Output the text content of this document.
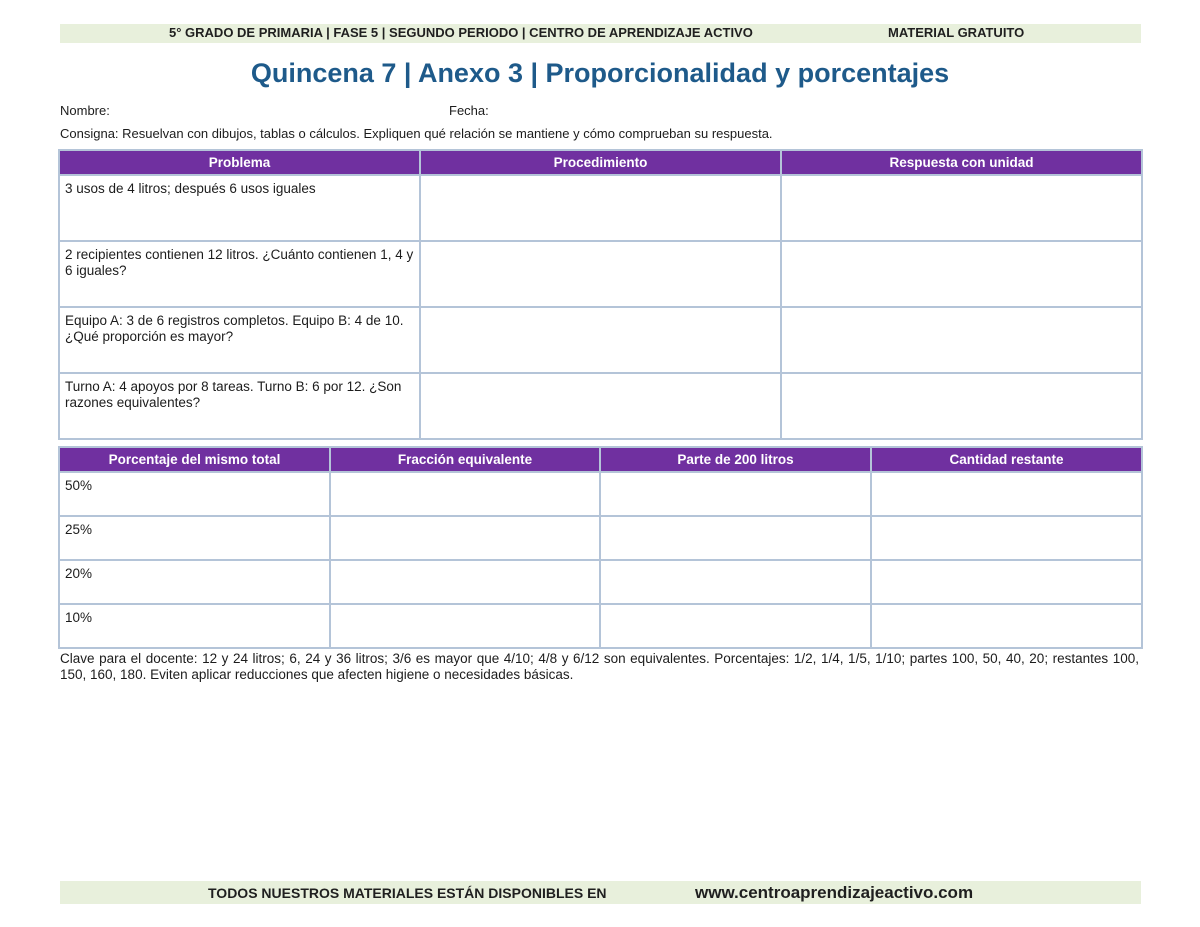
5° GRADO DE PRIMARIA | FASE 5 | SEGUNDO PERIODO | CENTRO DE APRENDIZAJE ACTIVO	MATERIAL GRATUITO
Quincena 7 | Anexo 3 | Proporcionalidad y porcentajes
Nombre:	Fecha:
Consigna: Resuelvan con dibujos, tablas o cálculos. Expliquen qué relación se mantiene y cómo comprueban su respuesta.
Problema	Procedimiento	Respuesta con unidad
3 usos de 4 litros; después 6 usos iguales		
2 recipientes contienen 12 litros. ¿Cuánto contienen 1, 4 y 6 iguales?		
Equipo A: 3 de 6 registros completos. Equipo B: 4 de 10. ¿Qué proporción es mayor?		
Turno A: 4 apoyos por 8 tareas. Turno B: 6 por 12. ¿Son razones equivalentes?		
Porcentaje del mismo total	Fracción equivalente	Parte de 200 litros	Cantidad restante
50%			
25%			
20%			
10%			
Clave para el docente: 12 y 24 litros; 6, 24 y 36 litros; 3/6 es mayor que 4/10; 4/8 y 6/12 son equivalentes. Porcentajes: 1/2, 1/4, 1/5, 1/10; partes 100, 50, 40, 20; restantes 100, 150, 160, 180. Eviten aplicar reducciones que afecten higiene o necesidades básicas.
TODOS NUESTROS MATERIALES ESTÁN DISPONIBLES EN	www.centroaprendizajeactivo.com
